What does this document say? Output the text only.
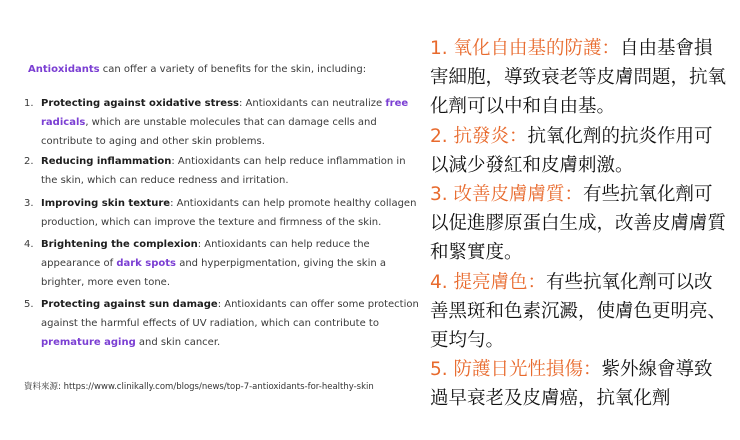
Antioxidants can offer a variety of benefits for the skin, including:
1. Protecting against oxidative stress: Antioxidants can neutralize free radicals, which are unstable molecules that can damage cells and contribute to aging and other skin problems.
2. Reducing inflammation: Antioxidants can help reduce inflammation in the skin, which can reduce redness and irritation.
3. Improving skin texture: Antioxidants can help promote healthy collagen production, which can improve the texture and firmness of the skin.
4. Brightening the complexion: Antioxidants can help reduce the appearance of dark spots and hyperpigmentation, giving the skin a brighter, more even tone.
5. Protecting against sun damage: Antioxidants can offer some protection against the harmful effects of UV radiation, which can contribute to premature aging and skin cancer.
資料來源: https://www.clinikally.com/blogs/news/top-7-antioxidants-for-healthy-skin

1. 氧化自由基的防護：自由基會損害細胞，導致衰老等皮膚問題，抗氧化劑可以中和自由基。

2. 抗發炎：抗氧化劑的抗炎作用可以減少發紅和皮膚刺激。

3. 改善皮膚膚質：有些抗氧化劑可以促進膠原蛋白生成，改善皮膚膚質和緊實度。

4. 提亮膚色：有些抗氧化劑可以改善黑斑和色素沉澱，使膚色更明亮、更均勻。

5. 防護日光性損傷：紫外線會導致過早衰老及皮膚癌，抗氧化劑
